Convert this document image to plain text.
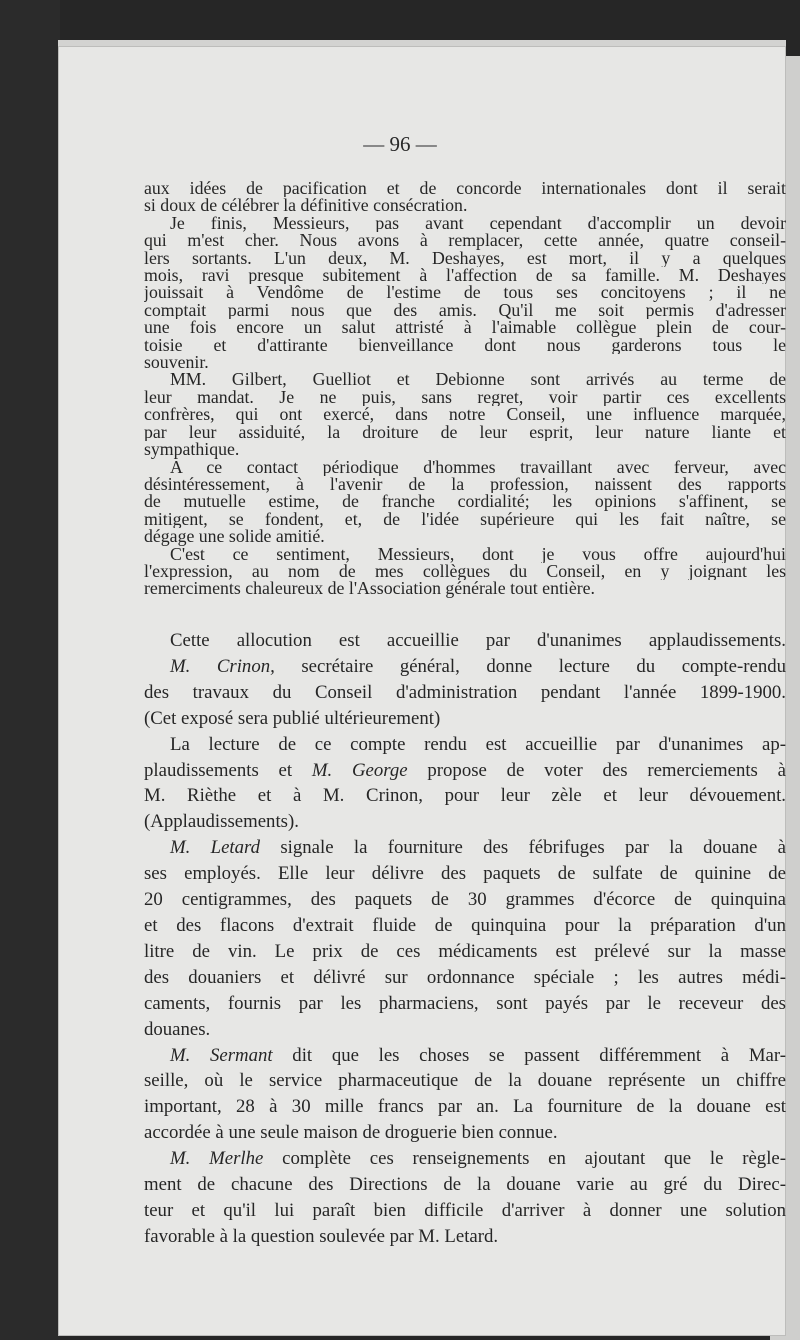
— 96 —
aux idées de pacification et de concorde internationales dont il serait
si doux de célébrer la définitive consécration.
Je finis, Messieurs, pas avant cependant d'accomplir un devoir
qui m'est cher. Nous avons à remplacer, cette année, quatre conseil-
lers sortants. L'un deux, M. Deshayes, est mort, il y a quelques
mois, ravi presque subitement à l'affection de sa famille. M. Deshayes
jouissait à Vendôme de l'estime de tous ses concitoyens ; il ne
comptait parmi nous que des amis. Qu'il me soit permis d'adresser
une fois encore un salut attristé à l'aimable collègue plein de cour-
toisie et d'attirante bienveillance dont nous garderons tous le
souvenir.
MM. Gilbert, Guelliot et Debionne sont arrivés au terme de
leur mandat. Je ne puis, sans regret, voir partir ces excellents
confrères, qui ont exercé, dans notre Conseil, une influence marquée,
par leur assiduité, la droiture de leur esprit, leur nature liante et
sympathique.
A ce contact périodique d'hommes travaillant avec ferveur, avec
désintéressement, à l'avenir de la profession, naissent des rapports
de mutuelle estime, de franche cordialité; les opinions s'affinent, se
mitigent, se fondent, et, de l'idée supérieure qui les fait naître, se
dégage une solide amitié.
C'est ce sentiment, Messieurs, dont je vous offre aujourd'hui
l'expression, au nom de mes collègues du Conseil, en y joignant les
remerciments chaleureux de l'Association générale tout entière.
Cette allocution est accueillie par d'unanimes applaudissements.
M. Crinon, secrétaire général, donne lecture du compte-rendu
des travaux du Conseil d'administration pendant l'année 1899-1900.
(Cet exposé sera publié ultérieurement)
La lecture de ce compte rendu est accueillie par d'unanimes ap-
plaudissements et M. George propose de voter des remerciements à
M. Rièthe et à M. Crinon, pour leur zèle et leur dévouement.
(Applaudissements).
M. Letard signale la fourniture des fébrifuges par la douane à
ses employés. Elle leur délivre des paquets de sulfate de quinine de
20 centigrammes, des paquets de 30 grammes d'écorce de quinquina
et des flacons d'extrait fluide de quinquina pour la préparation d'un
litre de vin. Le prix de ces médicaments est prélevé sur la masse
des douaniers et délivré sur ordonnance spéciale ; les autres médi-
caments, fournis par les pharmaciens, sont payés par le receveur des
douanes.
M. Sermant dit que les choses se passent différemment à Mar-
seille, où le service pharmaceutique de la douane représente un chiffre
important, 28 à 30 mille francs par an. La fourniture de la douane est
accordée à une seule maison de droguerie bien connue.
M. Merlhe complète ces renseignements en ajoutant que le règle-
ment de chacune des Directions de la douane varie au gré du Direc-
teur et qu'il lui paraît bien difficile d'arriver à donner une solution
favorable à la question soulevée par M. Letard.
